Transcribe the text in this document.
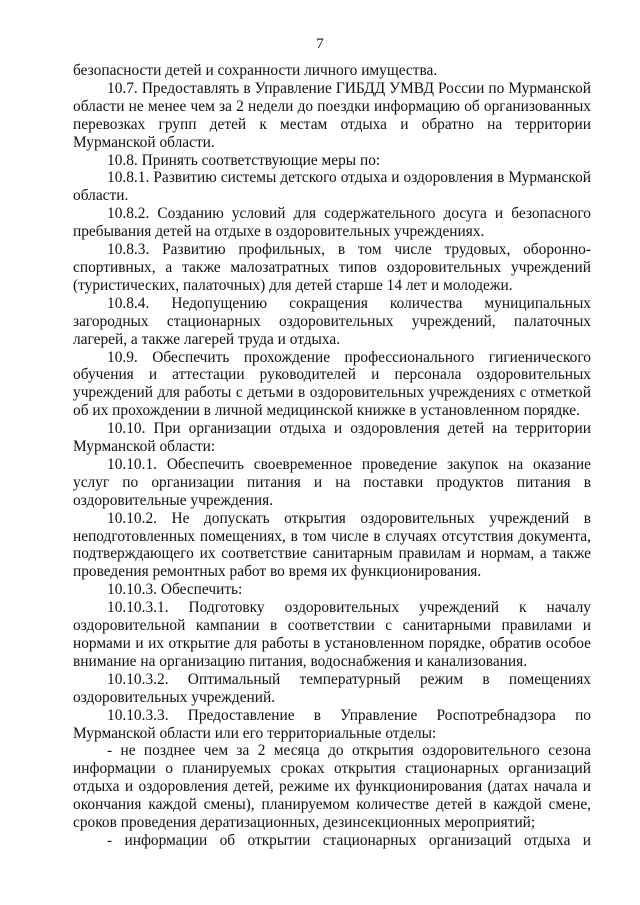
7

безопасности детей и сохранности личного имущества.

10.7. Предоставлять в Управление ГИБДД УМВД России по Мурманской области не менее чем за 2 недели до поездки информацию об организованных перевозках групп детей к местам отдыха и обратно на территории Мурманской области.

10.8. Принять соответствующие меры по:

10.8.1. Развитию системы детского отдыха и оздоровления в Мурманской области.

10.8.2. Созданию условий для содержательного досуга и безопасного пребывания детей на отдыхе в оздоровительных учреждениях.

10.8.3. Развитию профильных, в том числе трудовых, оборонно-спортивных, а также малозатратных типов оздоровительных учреждений (туристических, палаточных) для детей старше 14 лет и молодежи.

10.8.4. Недопущению сокращения количества муниципальных загородных стационарных оздоровительных учреждений, палаточных лагерей, а также лагерей труда и отдыха.

10.9. Обеспечить прохождение профессионального гигиенического обучения и аттестации руководителей и персонала оздоровительных учреждений для работы с детьми в оздоровительных учреждениях с отметкой об их прохождении в личной медицинской книжке в установленном порядке.

10.10. При организации отдыха и оздоровления детей на территории Мурманской области:

10.10.1. Обеспечить своевременное проведение закупок на оказание услуг по организации питания и на поставки продуктов питания в оздоровительные учреждения.

10.10.2. Не допускать открытия оздоровительных учреждений в неподготовленных помещениях, в том числе в случаях отсутствия документа, подтверждающего их соответствие санитарным правилам и нормам, а также проведения ремонтных работ во время их функционирования.

10.10.3. Обеспечить:

10.10.3.1. Подготовку оздоровительных учреждений к началу оздоровительной кампании в соответствии с санитарными правилами и нормами и их открытие для работы в установленном порядке, обратив особое внимание на организацию питания, водоснабжения и канализования.

10.10.3.2. Оптимальный температурный режим в помещениях оздоровительных учреждений.

10.10.3.3. Предоставление в Управление Роспотребнадзора по Мурманской области или его территориальные отделы:

- не позднее чем за 2 месяца до открытия оздоровительного сезона информации о планируемых сроках открытия стационарных организаций отдыха и оздоровления детей, режиме их функционирования (датах начала и окончания каждой смены), планируемом количестве детей в каждой смене, сроков проведения дератизационных, дезинсекционных мероприятий;

- информации об открытии стационарных организаций отдыха и
